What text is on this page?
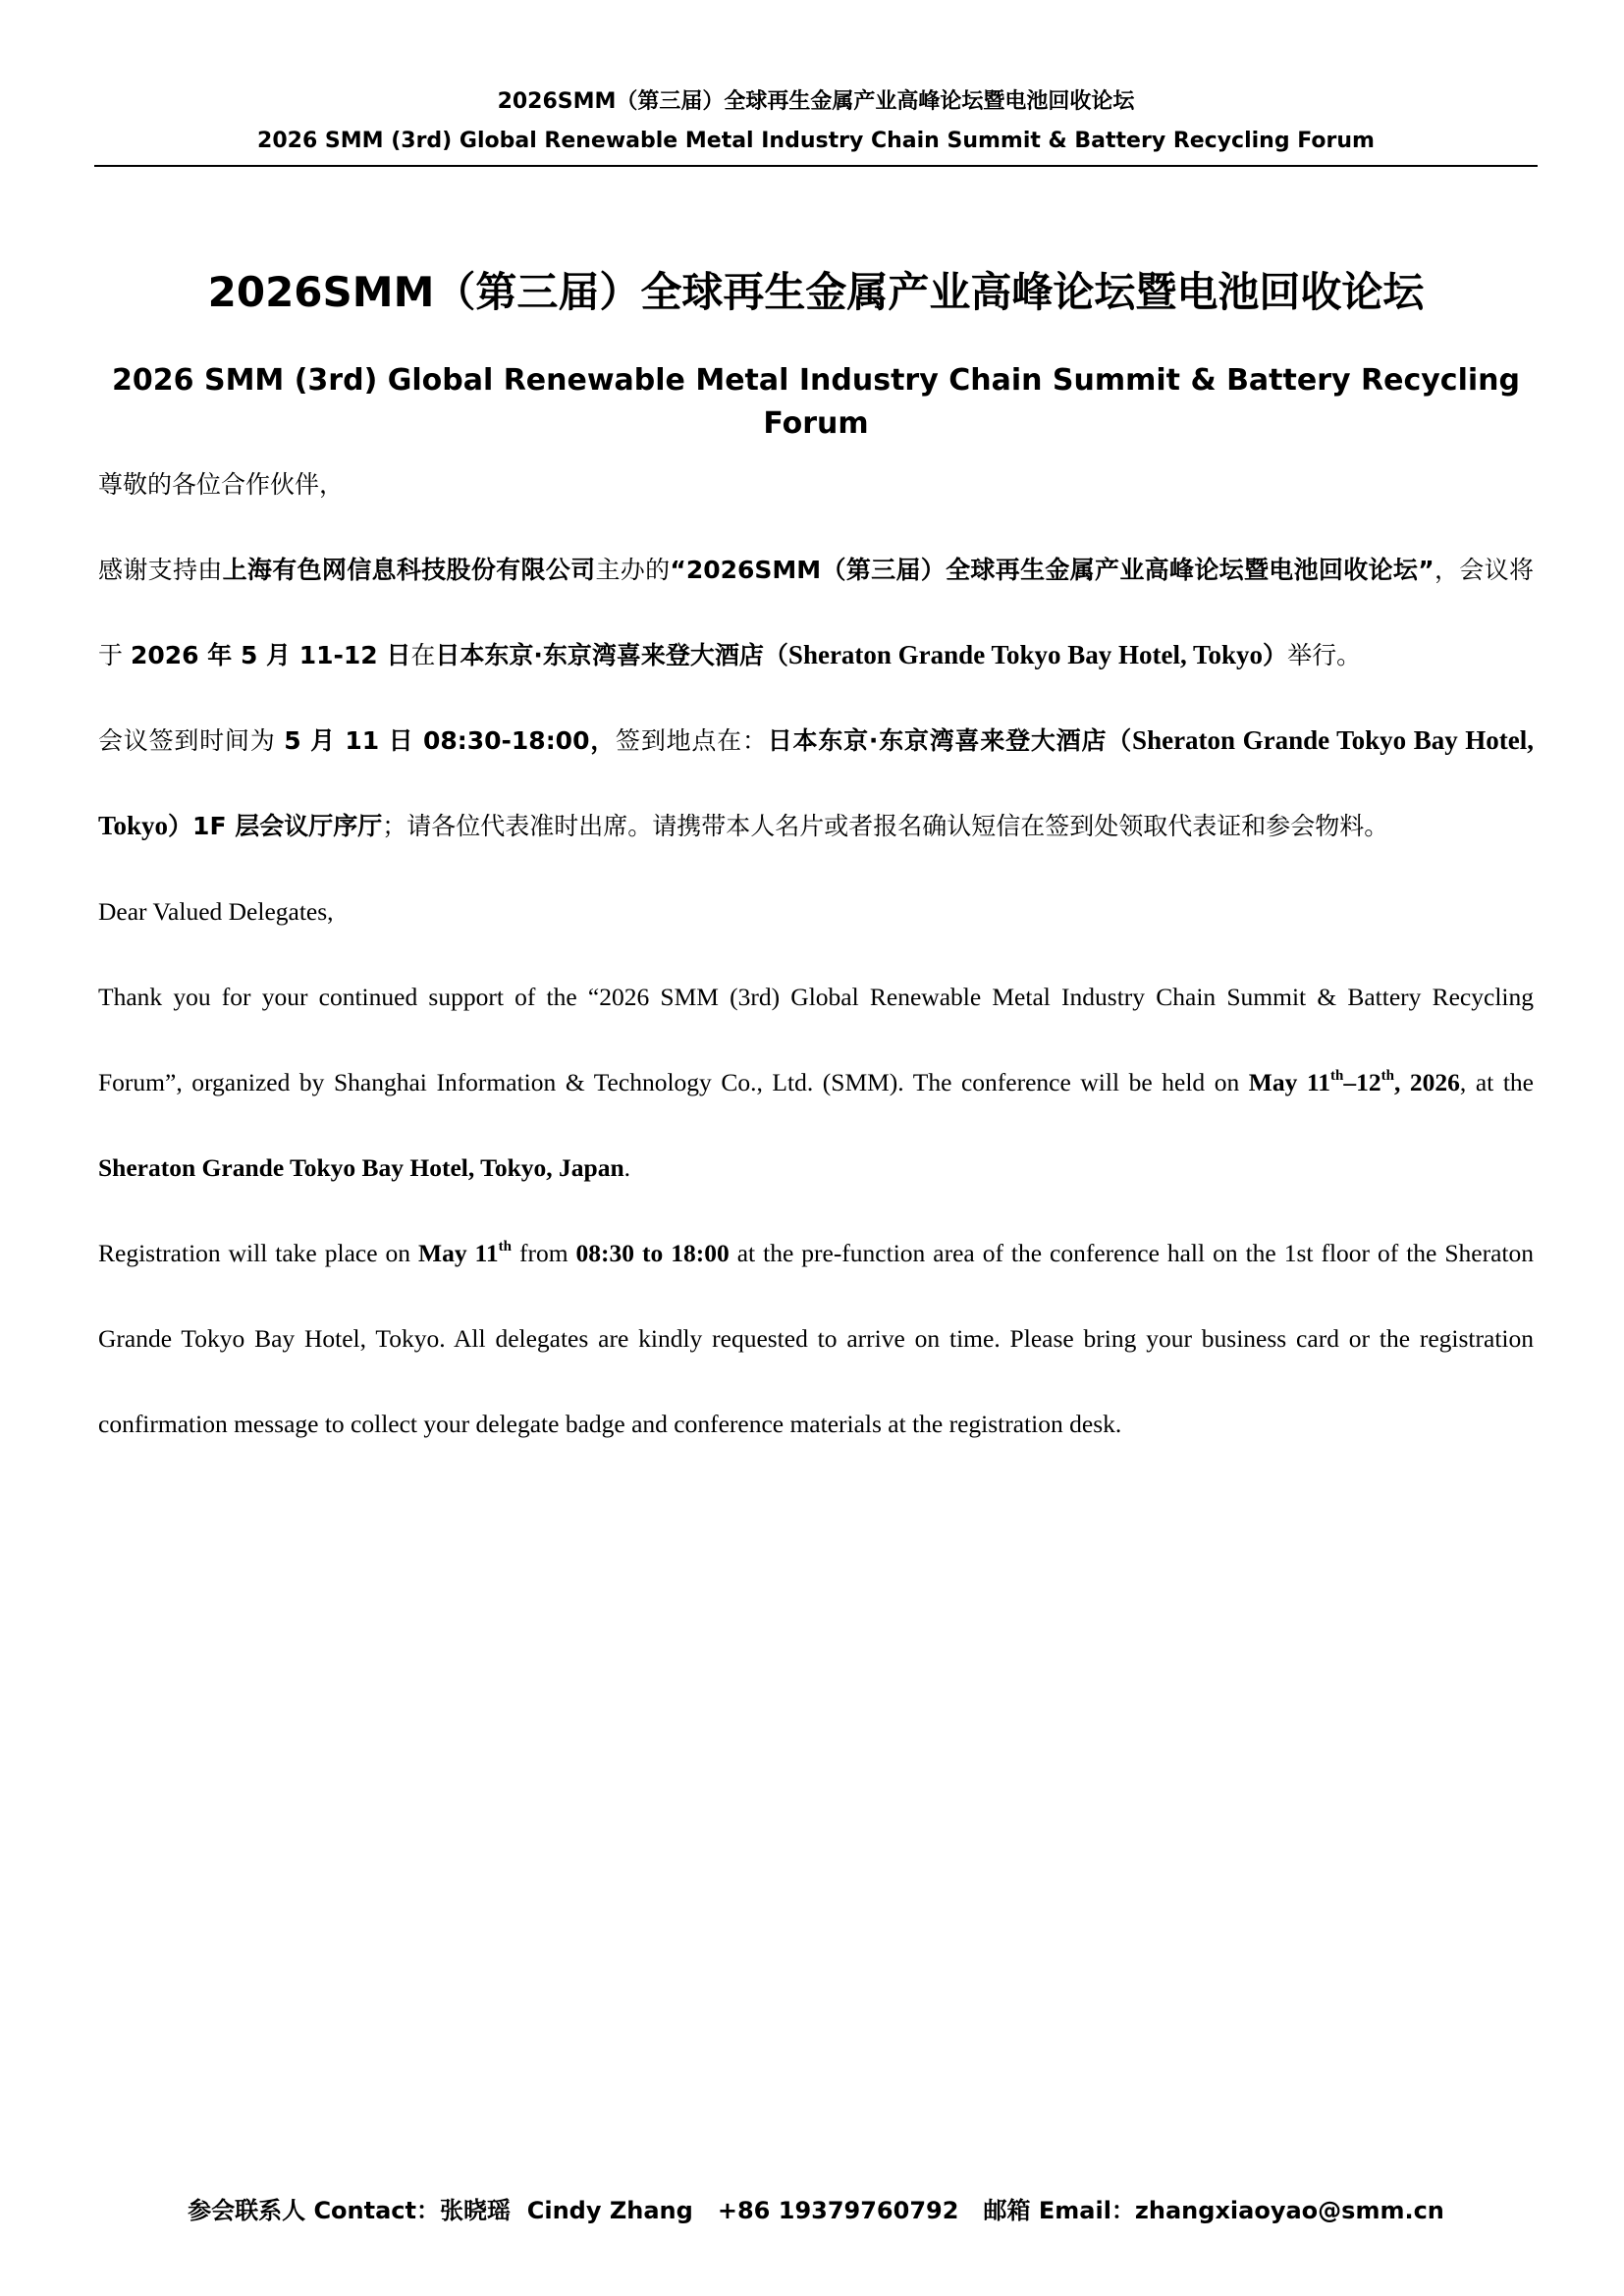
2026SMM（第三届）全球再生金属产业高峰论坛暨电池回收论坛
2026 SMM (3rd) Global Renewable Metal Industry Chain Summit & Battery Recycling Forum
2026SMM（第三届）全球再生金属产业高峰论坛暨电池回收论坛
2026 SMM (3rd) Global Renewable Metal Industry Chain Summit & Battery Recycling Forum

尊敬的各位合作伙伴，

感谢支持由上海有色网信息科技股份有限公司主办的“2026SMM（第三届）全球再生金属产业高峰论坛暨电池回收论坛”，会议将于 2026 年 5 月 11-12 日在日本东京·东京湾喜来登大酒店（Sheraton Grande Tokyo Bay Hotel, Tokyo）举行。

会议签到时间为 5 月 11 日 08:30-18:00，签到地点在：日本东京·东京湾喜来登大酒店（Sheraton Grande Tokyo Bay Hotel, Tokyo）1F 层会议厅序厅；请各位代表准时出席。请携带本人名片或者报名确认短信在签到处领取代表证和参会物料。

Dear Valued Delegates,

Thank you for your continued support of the “2026 SMM (3rd) Global Renewable Metal Industry Chain Summit & Battery Recycling Forum”, organized by Shanghai Information & Technology Co., Ltd. (SMM). The conference will be held on May 11th–12th, 2026, at the Sheraton Grande Tokyo Bay Hotel, Tokyo, Japan.

Registration will take place on May 11th from 08:30 to 18:00 at the pre-function area of the conference hall on the 1st floor of the Sheraton Grande Tokyo Bay Hotel, Tokyo. All delegates are kindly requested to arrive on time. Please bring your business card or the registration confirmation message to collect your delegate badge and conference materials at the registration desk.

参会联系人 Contact：张晓瑶 Cindy Zhang +86 19379760792 邮箱 Email：zhangxiaoyao@smm.cn
